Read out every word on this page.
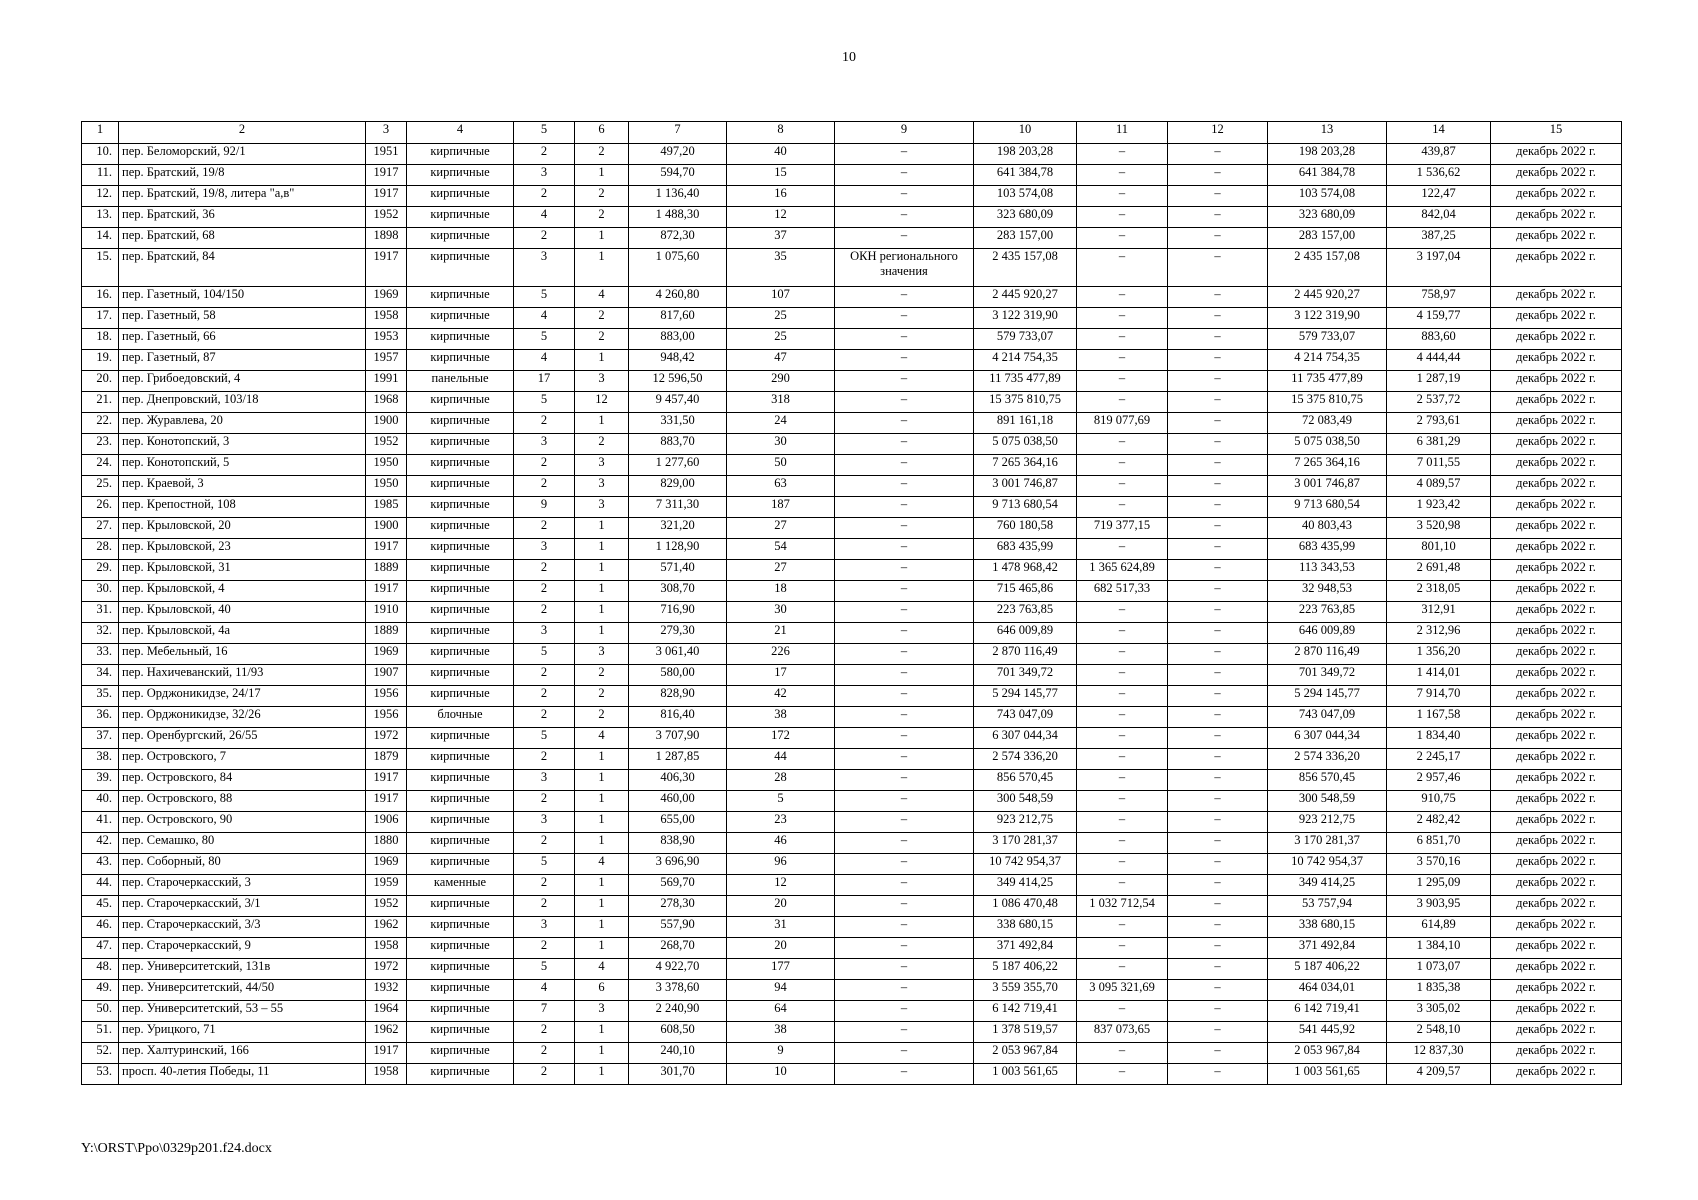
10
1	2	3	4	5	6	7	8	9	10	11	12	13	14	15
10.	пер. Беломорский, 92/1	1951	кирпичные	2	2	497,20	40	–	198 203,28	–	–	198 203,28	439,87	декабрь 2022 г.
11.	пер. Братский, 19/8	1917	кирпичные	3	1	594,70	15	–	641 384,78	–	–	641 384,78	1 536,62	декабрь 2022 г.
12.	пер. Братский, 19/8, литера "а,в"	1917	кирпичные	2	2	1 136,40	16	–	103 574,08	–	–	103 574,08	122,47	декабрь 2022 г.
13.	пер. Братский, 36	1952	кирпичные	4	2	1 488,30	12	–	323 680,09	–	–	323 680,09	842,04	декабрь 2022 г.
14.	пер. Братский, 68	1898	кирпичные	2	1	872,30	37	–	283 157,00	–	–	283 157,00	387,25	декабрь 2022 г.
15.	пер. Братский, 84	1917	кирпичные	3	1	1 075,60	35	ОКН регионального значения	2 435 157,08	–	–	2 435 157,08	3 197,04	декабрь 2022 г.
16.	пер. Газетный, 104/150	1969	кирпичные	5	4	4 260,80	107	–	2 445 920,27	–	–	2 445 920,27	758,97	декабрь 2022 г.
17.	пер. Газетный, 58	1958	кирпичные	4	2	817,60	25	–	3 122 319,90	–	–	3 122 319,90	4 159,77	декабрь 2022 г.
18.	пер. Газетный, 66	1953	кирпичные	5	2	883,00	25	–	579 733,07	–	–	579 733,07	883,60	декабрь 2022 г.
19.	пер. Газетный, 87	1957	кирпичные	4	1	948,42	47	–	4 214 754,35	–	–	4 214 754,35	4 444,44	декабрь 2022 г.
20.	пер. Грибоедовский, 4	1991	панельные	17	3	12 596,50	290	–	11 735 477,89	–	–	11 735 477,89	1 287,19	декабрь 2022 г.
21.	пер. Днепровский, 103/18	1968	кирпичные	5	12	9 457,40	318	–	15 375 810,75	–	–	15 375 810,75	2 537,72	декабрь 2022 г.
22.	пер. Журавлева, 20	1900	кирпичные	2	1	331,50	24	–	891 161,18	819 077,69	–	72 083,49	2 793,61	декабрь 2022 г.
23.	пер. Конотопский, 3	1952	кирпичные	3	2	883,70	30	–	5 075 038,50	–	–	5 075 038,50	6 381,29	декабрь 2022 г.
24.	пер. Конотопский, 5	1950	кирпичные	2	3	1 277,60	50	–	7 265 364,16	–	–	7 265 364,16	7 011,55	декабрь 2022 г.
25.	пер. Краевой, 3	1950	кирпичные	2	3	829,00	63	–	3 001 746,87	–	–	3 001 746,87	4 089,57	декабрь 2022 г.
26.	пер. Крепостной, 108	1985	кирпичные	9	3	7 311,30	187	–	9 713 680,54	–	–	9 713 680,54	1 923,42	декабрь 2022 г.
27.	пер. Крыловской, 20	1900	кирпичные	2	1	321,20	27	–	760 180,58	719 377,15	–	40 803,43	3 520,98	декабрь 2022 г.
28.	пер. Крыловской, 23	1917	кирпичные	3	1	1 128,90	54	–	683 435,99	–	–	683 435,99	801,10	декабрь 2022 г.
29.	пер. Крыловской, 31	1889	кирпичные	2	1	571,40	27	–	1 478 968,42	1 365 624,89	–	113 343,53	2 691,48	декабрь 2022 г.
30.	пер. Крыловской, 4	1917	кирпичные	2	1	308,70	18	–	715 465,86	682 517,33	–	32 948,53	2 318,05	декабрь 2022 г.
31.	пер. Крыловской, 40	1910	кирпичные	2	1	716,90	30	–	223 763,85	–	–	223 763,85	312,91	декабрь 2022 г.
32.	пер. Крыловской, 4а	1889	кирпичные	3	1	279,30	21	–	646 009,89	–	–	646 009,89	2 312,96	декабрь 2022 г.
33.	пер. Мебельный, 16	1969	кирпичные	5	3	3 061,40	226	–	2 870 116,49	–	–	2 870 116,49	1 356,20	декабрь 2022 г.
34.	пер. Нахичеванский, 11/93	1907	кирпичные	2	2	580,00	17	–	701 349,72	–	–	701 349,72	1 414,01	декабрь 2022 г.
35.	пер. Орджоникидзе, 24/17	1956	кирпичные	2	2	828,90	42	–	5 294 145,77	–	–	5 294 145,77	7 914,70	декабрь 2022 г.
36.	пер. Орджоникидзе, 32/26	1956	блочные	2	2	816,40	38	–	743 047,09	–	–	743 047,09	1 167,58	декабрь 2022 г.
37.	пер. Оренбургский, 26/55	1972	кирпичные	5	4	3 707,90	172	–	6 307 044,34	–	–	6 307 044,34	1 834,40	декабрь 2022 г.
38.	пер. Островского, 7	1879	кирпичные	2	1	1 287,85	44	–	2 574 336,20	–	–	2 574 336,20	2 245,17	декабрь 2022 г.
39.	пер. Островского, 84	1917	кирпичные	3	1	406,30	28	–	856 570,45	–	–	856 570,45	2 957,46	декабрь 2022 г.
40.	пер. Островского, 88	1917	кирпичные	2	1	460,00	5	–	300 548,59	–	–	300 548,59	910,75	декабрь 2022 г.
41.	пер. Островского, 90	1906	кирпичные	3	1	655,00	23	–	923 212,75	–	–	923 212,75	2 482,42	декабрь 2022 г.
42.	пер. Семашко, 80	1880	кирпичные	2	1	838,90	46	–	3 170 281,37	–	–	3 170 281,37	6 851,70	декабрь 2022 г.
43.	пер. Соборный, 80	1969	кирпичные	5	4	3 696,90	96	–	10 742 954,37	–	–	10 742 954,37	3 570,16	декабрь 2022 г.
44.	пер. Старочеркасский, 3	1959	каменные	2	1	569,70	12	–	349 414,25	–	–	349 414,25	1 295,09	декабрь 2022 г.
45.	пер. Старочеркасский, 3/1	1952	кирпичные	2	1	278,30	20	–	1 086 470,48	1 032 712,54	–	53 757,94	3 903,95	декабрь 2022 г.
46.	пер. Старочеркасский, 3/3	1962	кирпичные	3	1	557,90	31	–	338 680,15	–	–	338 680,15	614,89	декабрь 2022 г.
47.	пер. Старочеркасский, 9	1958	кирпичные	2	1	268,70	20	–	371 492,84	–	–	371 492,84	1 384,10	декабрь 2022 г.
48.	пер. Университетский, 131в	1972	кирпичные	5	4	4 922,70	177	–	5 187 406,22	–	–	5 187 406,22	1 073,07	декабрь 2022 г.
49.	пер. Университетский, 44/50	1932	кирпичные	4	6	3 378,60	94	–	3 559 355,70	3 095 321,69	–	464 034,01	1 835,38	декабрь 2022 г.
50.	пер. Университетский, 53 – 55	1964	кирпичные	7	3	2 240,90	64	–	6 142 719,41	–	–	6 142 719,41	3 305,02	декабрь 2022 г.
51.	пер. Урицкого, 71	1962	кирпичные	2	1	608,50	38	–	1 378 519,57	837 073,65	–	541 445,92	2 548,10	декабрь 2022 г.
52.	пер. Халтуринский, 166	1917	кирпичные	2	1	240,10	9	–	2 053 967,84	–	–	2 053 967,84	12 837,30	декабрь 2022 г.
53.	просп. 40-летия Победы, 11	1958	кирпичные	2	1	301,70	10	–	1 003 561,65	–	–	1 003 561,65	4 209,57	декабрь 2022 г.
Y:\ORST\Ppo\0329p201.f24.docx
